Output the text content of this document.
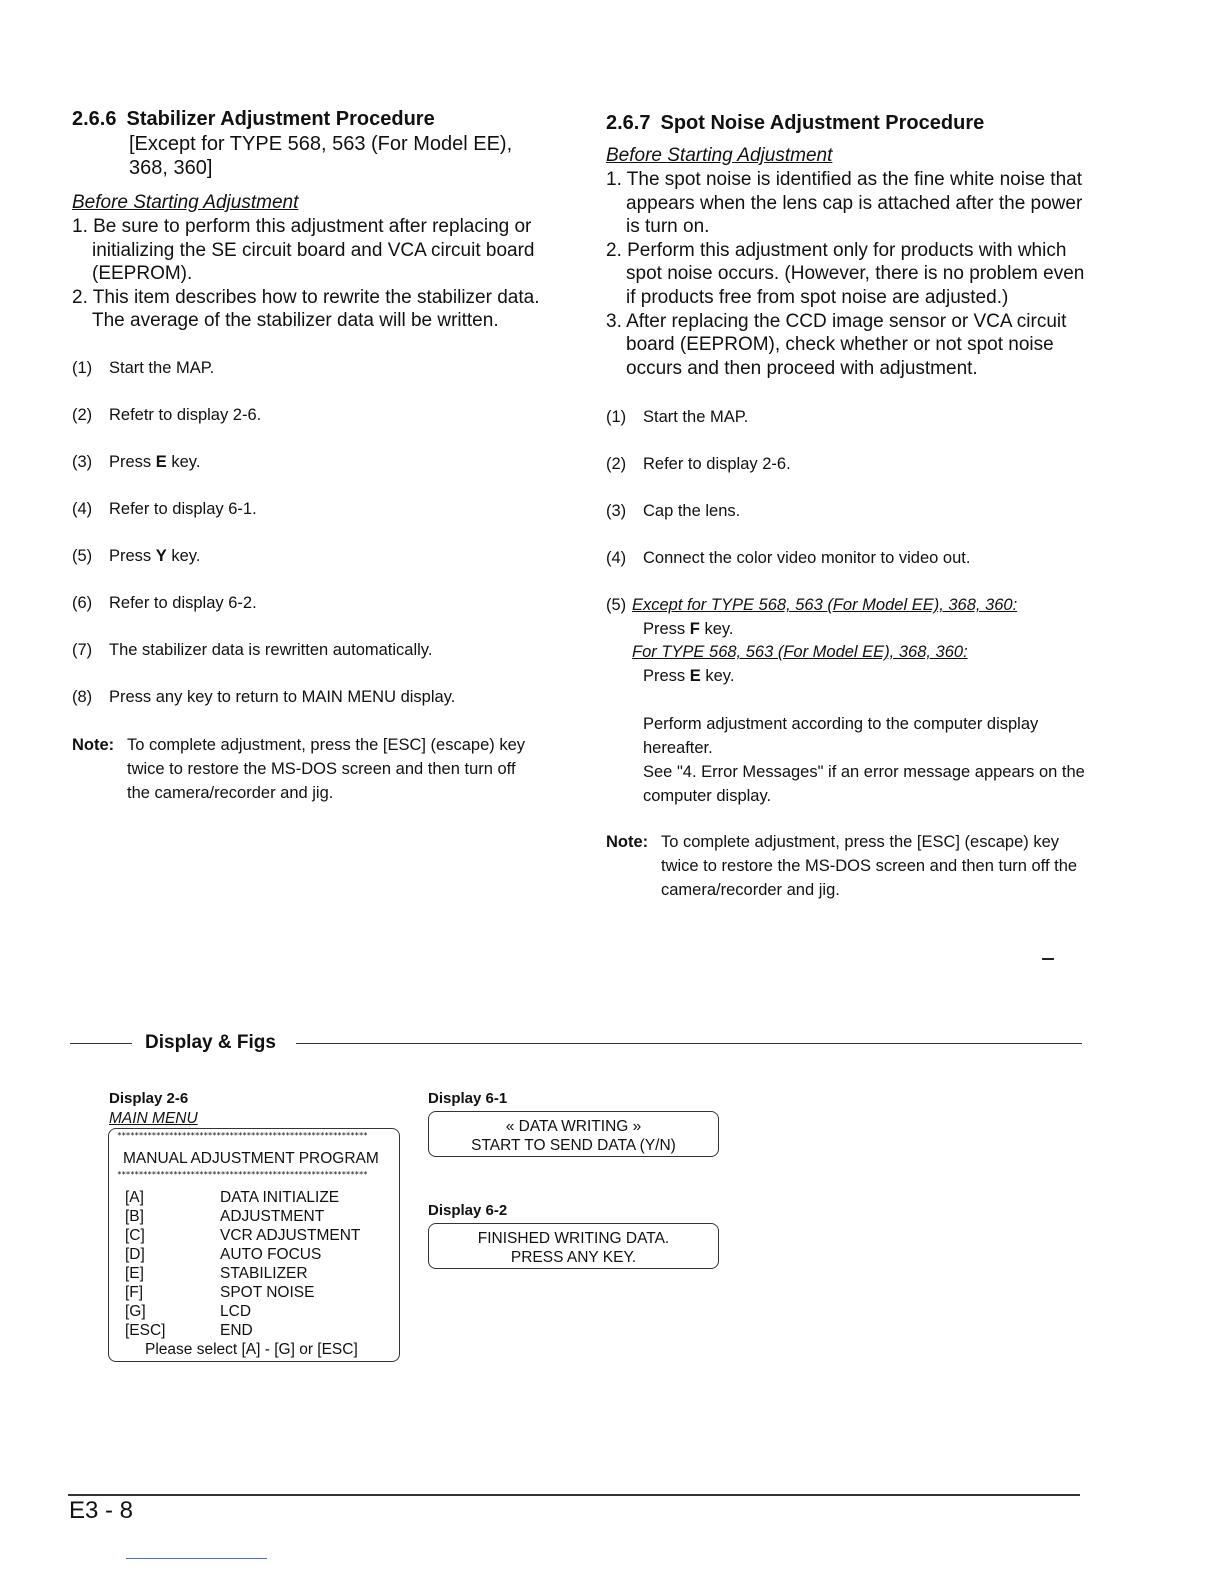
2.6.6 Stabilizer Adjustment Procedure

[Except for TYPE 568, 563 (For Model EE),

368, 360]

Before Starting Adjustment

1. Be sure to perform this adjustment after replacing or initializing the SE circuit board and VCA circuit board (EEPROM).

2. This item describes how to rewrite the stabilizer data. The average of the stabilizer data will be written.

(1)	Start the MAP.
(2)	Refetr to display 2-6.
(3)	Press E key.
(4)	Refer to display 6-1.
(5)	Press Y key.
(6)	Refer to display 6-2.
(7)	The stabilizer data is rewritten automatically.
(8)	Press any key to return to MAIN MENU display.
Note: To complete adjustment, press the [ESC] (escape) key twice to restore the MS-DOS screen and then turn off the camera/recorder and jig.
2.6.7 Spot Noise Adjustment Procedure

Before Starting Adjustment

1. The spot noise is identified as the fine white noise that appears when the lens cap is attached after the power is turn on.

2. Perform this adjustment only for products with which spot noise occurs. (However, there is no problem even if products free from spot noise are adjusted.)

3. After replacing the CCD image sensor or VCA circuit board (EEPROM), check whether or not spot noise occurs and then proceed with adjustment.

(1)	Start the MAP.
(2)	Refer to display 2-6.
(3)	Cap the lens.
(4)	Connect the color video monitor to video out.
(5) Except for TYPE 568, 563 (For Model EE), 368, 360:
Press F key.
For TYPE 568, 563 (For Model EE), 368, 360:
Press E key.
Perform adjustment according to the computer display hereafter.
See "4. Error Messages" if an error message appears on the computer display.
Note: To complete adjustment, press the [ESC] (escape) key twice to restore the MS-DOS screen and then turn off the camera/recorder and jig.
Display & Figs
Display 2-6
MAIN MENU
**********************************************************
MANUAL ADJUSTMENT PROGRAM
**********************************************************
[A]	DATA INITIALIZE
[B]	ADJUSTMENT
[C]	VCR ADJUSTMENT
[D]	AUTO FOCUS
[E]	STABILIZER
[F]	SPOT NOISE
[G]	LCD
[ESC]	END
Please select [A] - [G] or [ESC]
Display 6-1
« DATA WRITING »
START TO SEND DATA (Y/N)
Display 6-2
FINISHED WRITING DATA.
PRESS ANY KEY.
E3 - 8
